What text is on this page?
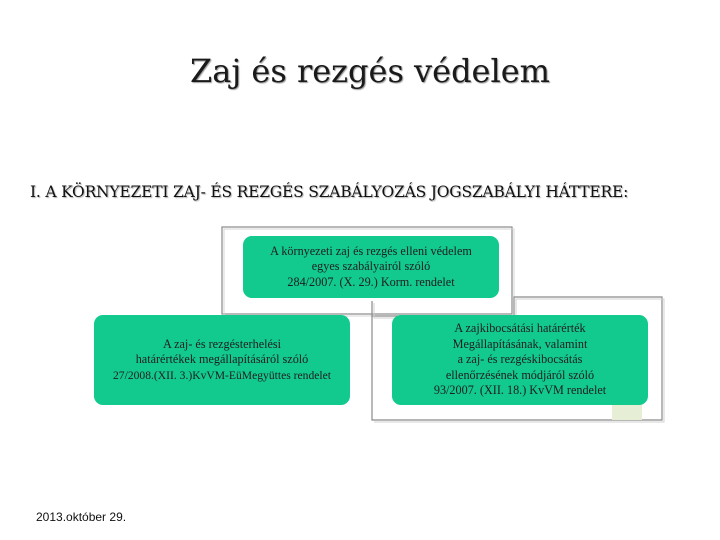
Zaj és rezgés védelem
I. A KÖRNYEZETI ZAJ- ÉS REZGÉS SZABÁLYOZÁS JOGSZABÁLYI HÁTTERE:
A környezeti zaj és rezgés elleni védelem
egyes szabályairól szóló
284/2007. (X. 29.) Korm. rendelet
A zaj- és rezgésterhelési
határértékek megállapításáról szóló
27/2008.(XII. 3.)KvVM-EüMegyüttes rendelet
A zajkibocsátási határérték
Megállapításának, valamint
a zaj- és rezgéskibocsátás
ellenőrzésének módjáról szóló
93/2007. (XII. 18.) KvVM rendelet
2013.október 29.
